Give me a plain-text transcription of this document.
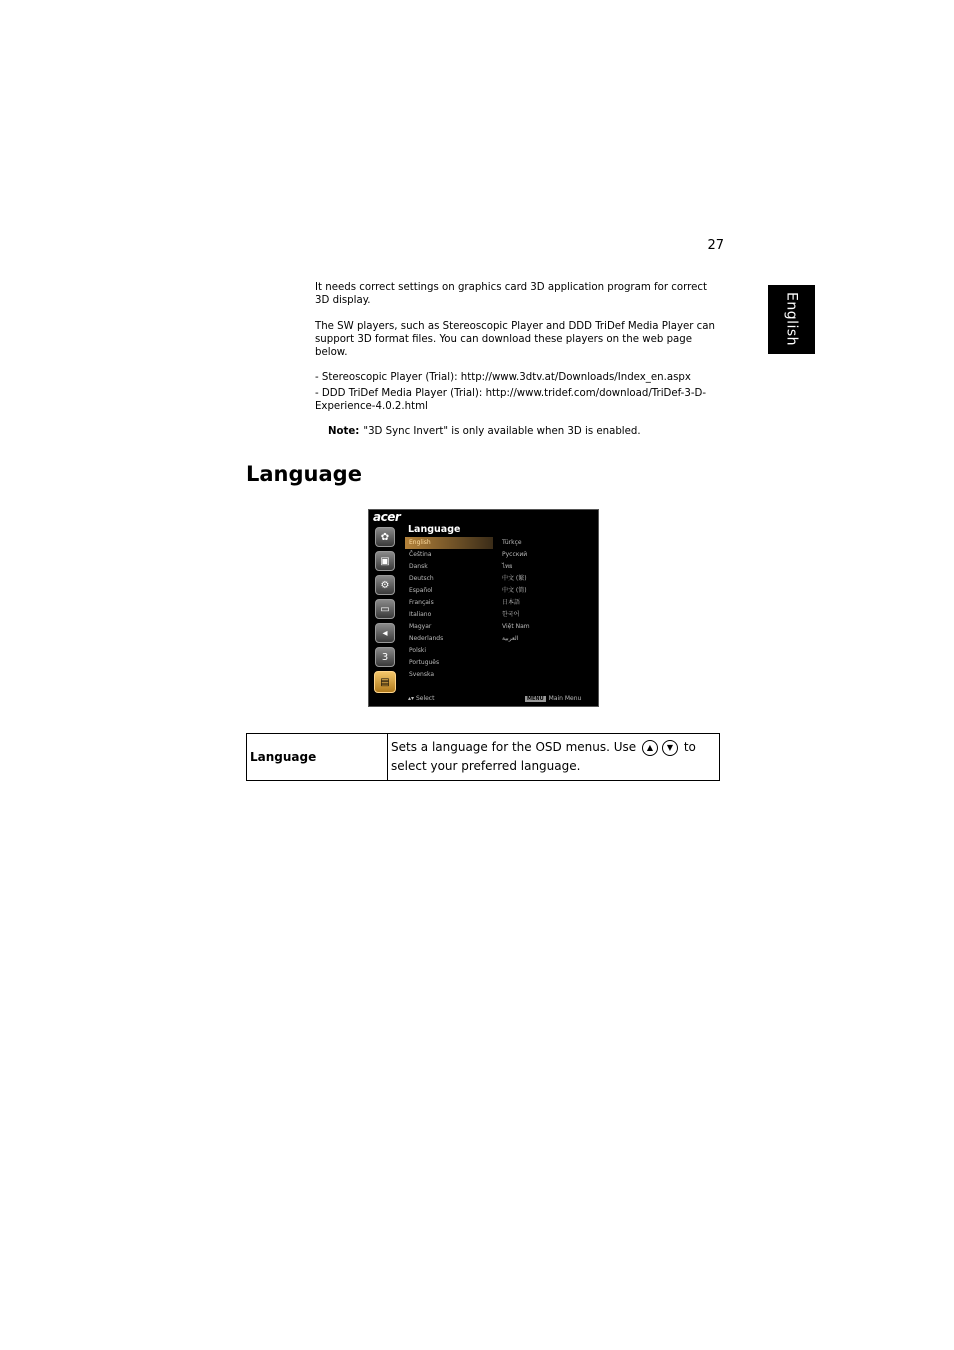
27
English

It needs correct settings on graphics card 3D application program for correct 3D display.

The SW players, such as Stereoscopic Player and DDD TriDef Media Player can support 3D format files. You can download these players on the web page below.

- Stereoscopic Player (Trial): http://www.3dtv.at/Downloads/Index_en.aspx

- DDD TriDef Media Player (Trial): http://www.tridef.com/download/TriDef-3-D-Experience-4.0.2.html

Note: "3D Sync Invert" is only available when 3D is enabled.

Language
acer
✿
▣
⚙
▭
◂
3
▤
Language
English
Čeština
Dansk
Deutsch
Español
Français
Italiano
Magyar
Nederlands
Polski
Português
Svenska
Türkçe
Русский
ไทย
中文 (繁)
中文 (简)
日本語
한국어
Việt Nam
العربية
▴▾ Select	MENU Main Menu
Language	Sets a language for the OSD menus. Use ▲ ▼ to select your preferred language.
